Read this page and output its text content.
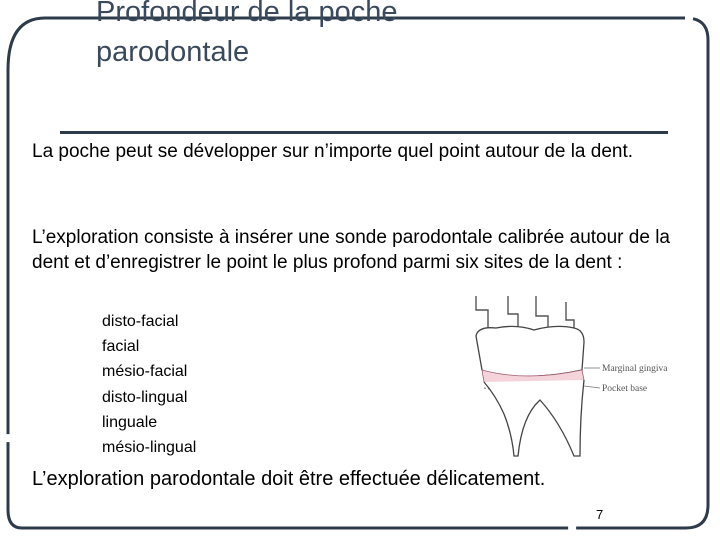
Profondeur de la poche
parodontale
La poche peut se développer sur n’importe quel point autour de la dent.
L’exploration consiste à insérer une sonde parodontale calibrée autour de la dent et d’enregistrer le point le plus profond parmi six sites de la dent :
disto-facial
facial
mésio-facial
disto-lingual
linguale
mésio-lingual
Marginal gingiva
Pocket base
L’exploration parodontale doit être effectuée délicatement.
7
